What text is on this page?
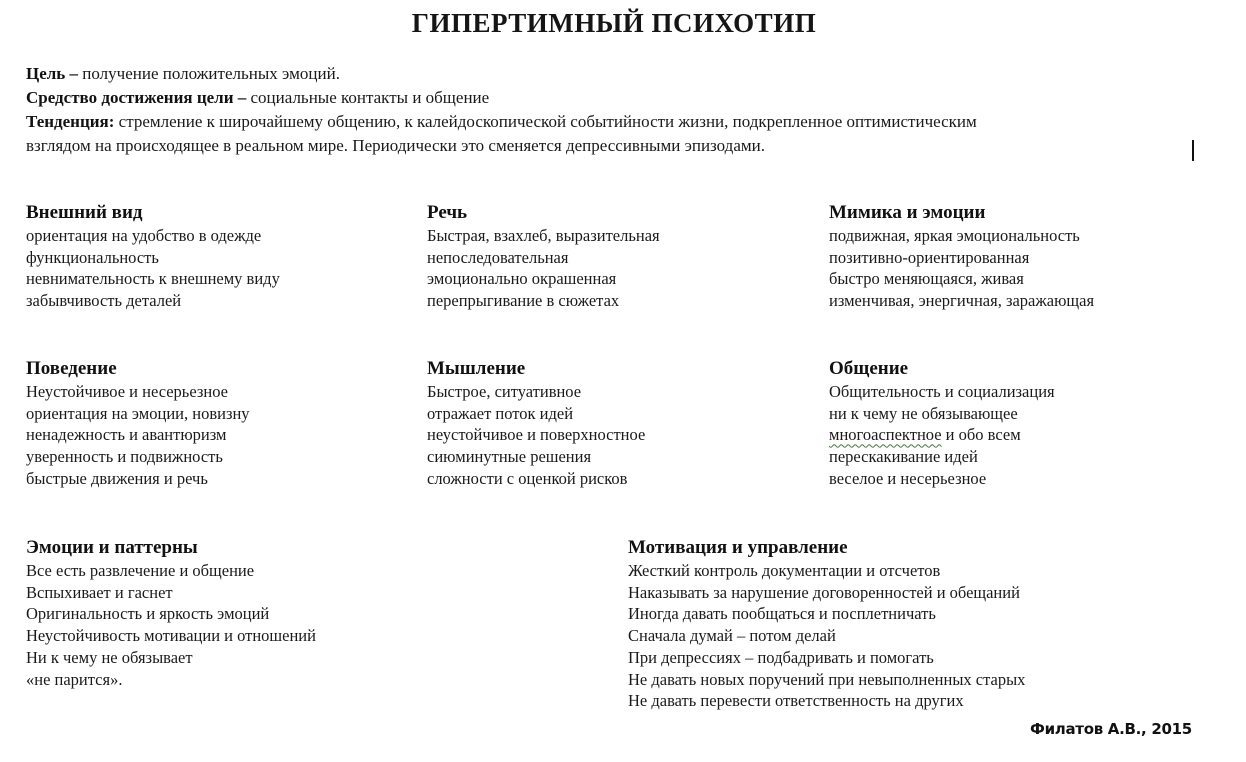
ГИПЕРТИМНЫЙ ПСИХОТИП
Цель – получение положительных эмоций.
Средство достижения цели – социальные контакты и общение
Тенденция: стремление к широчайшему общению, к калейдоскопической событийности жизни, подкрепленное оптимистическим
взглядом на происходящее в реальном мире. Периодически это сменяется депрессивными эпизодами.
Внешний вид
ориентация на удобство в одежде
функциональность
невнимательность к внешнему виду
забывчивость деталей
Речь
Быстрая, взахлеб, выразительная
непоследовательная
эмоционально окрашенная
перепрыгивание в сюжетах
Мимика и эмоции
подвижная, яркая эмоциональность
позитивно-ориентированная
быстро меняющаяся, живая
изменчивая, энергичная, заражающая
Поведение
Неустойчивое и несерьезное
ориентация на эмоции, новизну
ненадежность и авантюризм
уверенность и подвижность
быстрые движения и речь
Мышление
Быстрое, ситуативное
отражает поток идей
неустойчивое и поверхностное
сиюминутные решения
сложности с оценкой рисков
Общение
Общительность и социализация
ни к чему не обязывающее
многоаспектное и обо всем
перескакивание идей
веселое и несерьезное
Эмоции и паттерны
Все есть развлечение и общение
Вспыхивает и гаснет
Оригинальность и яркость эмоций
Неустойчивость мотивации и отношений
Ни к чему не обязывает
«не парится».
Мотивация и управление
Жесткий контроль документации и отсчетов
Наказывать за нарушение договоренностей и обещаний
Иногда давать пообщаться и посплетничать
Сначала думай – потом делай
При депрессиях – подбадривать и помогать
Не давать новых поручений при невыполненных старых
Не давать перевести ответственность на других
Филатов А.В., 2015
